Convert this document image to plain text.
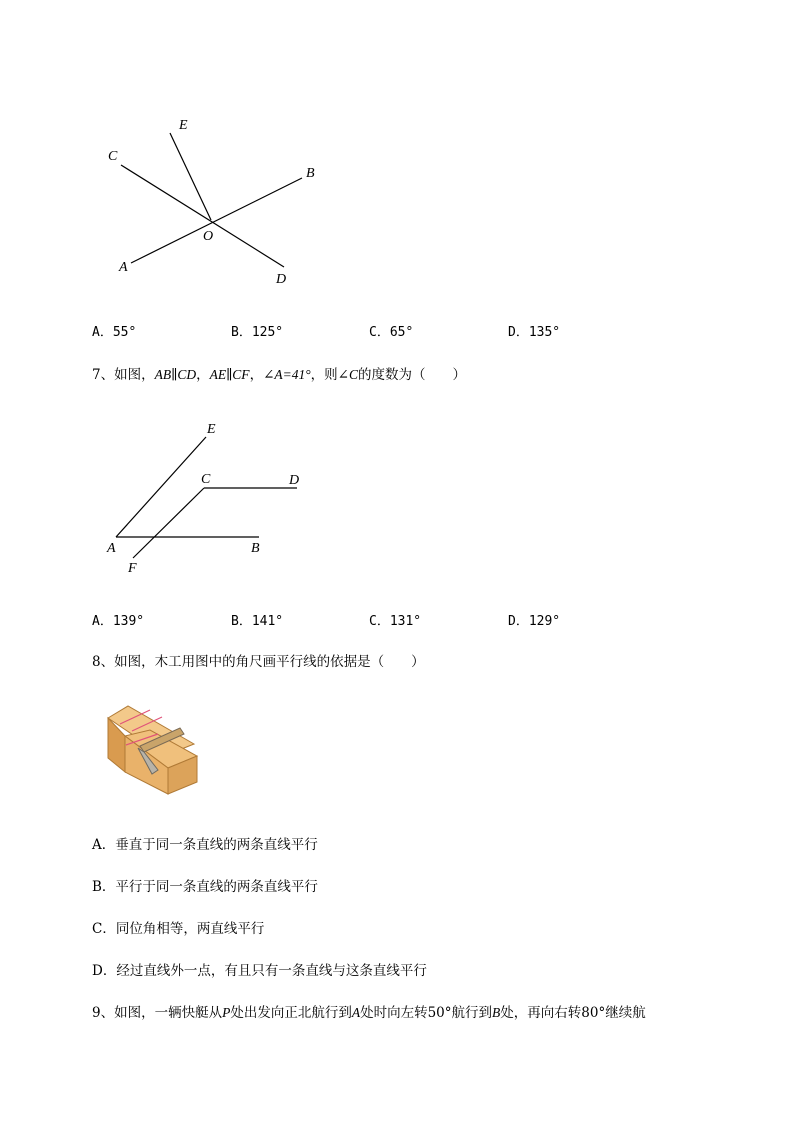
E
C
B
O
A
D
A．55°	B．125°	C．65°	D．135°
7、如图，AB∥CD，AE∥CF，∠A=41°，则∠C的度数为（　　）
E
C	D
A	B
F
A．139°	B．141°	C．131°	D．129°
8、如图，木工用图中的角尺画平行线的依据是（　　）
A．垂直于同一条直线的两条直线平行
B．平行于同一条直线的两条直线平行
C．同位角相等，两直线平行
D．经过直线外一点，有且只有一条直线与这条直线平行
9、如图，一辆快艇从P处出发向正北航行到A处时向左转50°航行到B处，再向右转80°继续航
